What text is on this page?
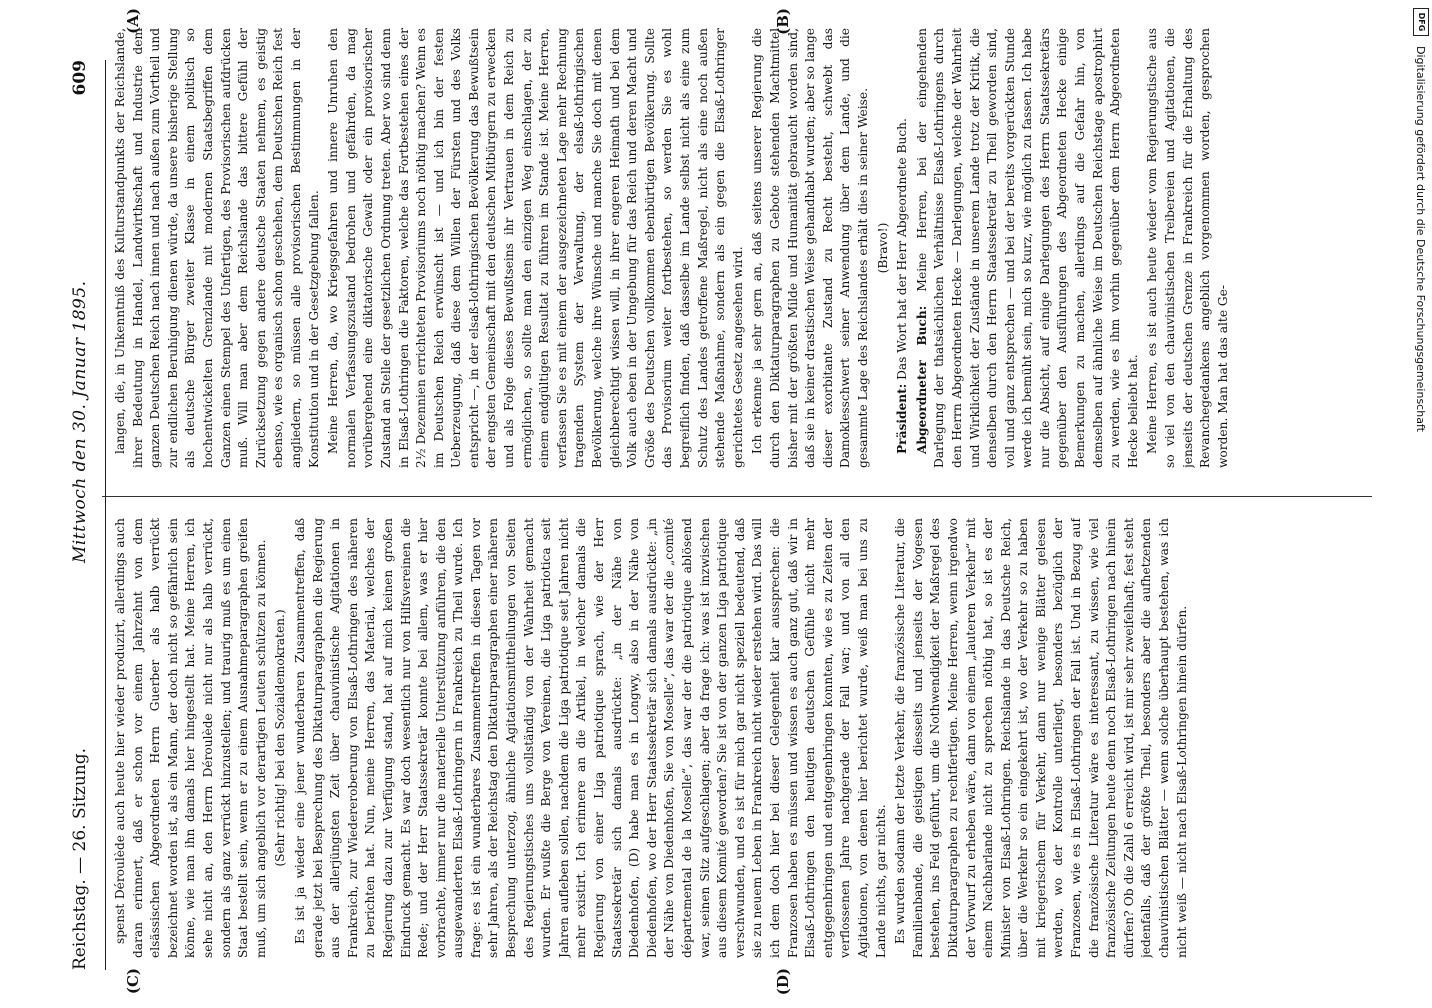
langen, die, in Unkenntniß des Kulturstandpunkts der Reichslande, ihrer Bedeutung in Handel, Landwirthschaft und Industrie dem ganzen Deutschen Reich nach innen und nach außen zum Vortheil und zur endlichen Beruhigung dienen würde, da unsere bisherige Stellung als deutsche Bürger zweiter Klasse in einem politisch so hochentwickelten Grenzlande mit modernen Staatsbegriffen dem Ganzen einen Stempel des Unfertigen, des Provisorischen aufdrücken muß. Will man aber dem Reichslande das bittere Gefühl der Zurücksetzung gegen andere deutsche Staaten nehmen, es geistig ebenso, wie es organisch schon geschehen, dem Deutschen Reich fest angliedern, so müssen alle provisorischen Bestimmungen in der Konstitution und in der Gesetzgebung fallen. Meine Herren, da, wo Kriegsgefahren und innere Unruhen den normalen Verfassungszustand bedrohen und gefährden, da mag vorübergehend eine diktatorische Gewalt oder ein provisorischer Zustand an Stelle der gesetzlichen Ordnung treten. Aber wo sind denn in Elsaß-Lothringen die Faktoren, welche das Fortbestehen eines der 2½ Dezennien errichteten Provisoriums noch nöthig machen? Wenn es im Deutschen Reich erwünscht ist — und ich bin der festen Ueberzeugung, daß diese dem Willen der Fürsten und des Volks entspricht —, in der elsaß-lothringischen Bevölkerung das Bewußtsein der engsten Gemeinschaft mit den deutschen Mitbürgern zu erwecken und als Folge dieses Bewußtseins ihr Vertrauen in dem Reich zu ermöglichen, so sollte man den einzigen Weg einschlagen, der zu einem endgültigen Resultat zu führen im Stande ist. Meine Herren, verfassen Sie es mit einem der ausgezeichneten Lage mehr Rechnung tragenden System der Verwaltung, der elsaß-lothringischen Bevölkerung, welche ihre Wünsche und manche Sie doch mit denen gleichberechtigt wissen will, in ihrer engeren Heimath und bei dem Volk auch eben in der Umgebung für das Reich und deren Macht und Größe des Deutschen vollkommen ebenbürtigen Bevölkerung. Sollte das Provisorium weiter fortbestehen, so werden Sie es wohl begreiflich finden, daß dasselbe im Lande selbst nicht als eine zum Schutz des Landes getroffene Maßregel, nicht als eine noch außen stehende Maßnahme, sondern als ein gegen die Elsaß-Lothringer gerichtetes Gesetz angesehen wird. Ich erkenne ja sehr gern an, daß seitens unserer Regierung die durch den Diktaturparagraphen zu Gebote stehenden Machtmittel bisher mit der größten Milde und Humanität gebraucht worden sind, daß sie in keiner drastischen Weise gehandhabt wurden; aber so lange dieser exorbitante Zustand zu Recht besteht, schwebt das Damoklesschwert seiner Anwendung über dem Lande, und die gesammte Lage des Reichslandes erhält dies in seiner Weise. (Bravo!)

Präsident: Das Wort hat der Herr Abgeordnete Buch. Abgeordneter Buch: Meine Herren, bei der eingehenden Darlegung der thatsächlichen Verhältnisse Elsaß-Lothringens durch den Herrn Abgeordneten Hecke — Darlegungen, welche der Wahrheit und Wirklichkeit der Zustände in unserem Lande trotz der Kritik, die denselben durch den Herrn Staatssekretär zu Theil geworden sind, voll und ganz entsprechen — und bei der bereits vorgerückten Stunde werde ich bemüht sein, mich so kurz, wie möglich zu fassen. Ich habe nur die Absicht, auf einige Darlegungen des Herrn Staatssekretärs gegenüber den Ausführungen des Abgeordneten Hecke einige Bemerkungen zu machen, allerdings auf die Gefahr hin, von demselben auf ähnliche Weise im Deutschen Reichstage apostrophirt zu werden, wie es ihm vorhin gegenüber dem Herrn Abgeordneten Hecke beliebt hat. Meine Herren, es ist auch heute wieder vom Regierungstische aus so viel von den chauvinistischen Treibereien und Agitationen, die jenseits der deutschen Grenze in Frankreich für die Erhaltung des Revanchegedankens angeblich vorgenommen worden, gesprochen worden. Man hat das alte Ge-

spenst Déroulède auch heute hier wieder produzirt, allerdings auch daran erinnert, daß er schon vor einem Jahrzehnt von dem elsässischen Abgeordneten Herrn Guerber als halb verrückt bezeichnet worden ist, als ein Mann, der doch nicht so gefährlich sein könne, wie man ihn damals hier hingestellt hat. Meine Herren, ich sehe nicht an, den Herrn Déroulède nicht nur als halb verrückt, sondern als ganz verrückt hinzustellen; und traurig muß es um einen Staat bestellt sein, wenn er zu einem Ausnahmeparagraphen greifen muß, um sich angeblich vor derartigen Leuten schützen zu können. (Sehr richtig! bei den Sozialdemokraten.) Es ist ja wieder eine jener wunderbaren Zusammentreffen, daß gerade jetzt bei Besprechung des Diktaturparagraphen die Regierung aus der allerjüngsten Zeit über chauvinistische Agitationen in Frankreich, zur Wiedereroberung von Elsaß-Lothringen des näheren zu berichten hat. Nun, meine Herren, das Material, welches der Regierung dazu zur Verfügung stand, hat auf mich keinen großen Eindruck gemacht. Es war doch wesentlich nur von Hilfsvereinen die Rede; und der Herr Staatssekretär konnte bei allem, was er hier vorbrachte, immer nur die materielle Unterstützung anführen, die den ausgewanderten Elsaß-Lothringern in Frankreich zu Theil wurde. Ich frage: es ist ein wunderbares Zusammentreffen in diesen Tagen vor sehr Jahren, als der Reichstag den Diktaturparagraphen einer näheren Besprechung unterzog, ähnliche Agitationsmittheilungen von Seiten des Regierungstisches uns vollständig von der Wahrheit gemacht wurden. Er wußte die Berge von Vereinen, die Liga patriotica seit Jahren aufleben sollen, nachdem die Liga patriotique seit Jahren nicht mehr existirt. Ich erinnere an die Artikel, in welcher damals die Regierung von einer Liga patriotique sprach, wie der Herr Staatssekretär sich damals ausdrückte: „in der Nähe von Diedenhofen, (D) habe man es in Longwy, also in der Nähe von Diedenhofen, wo der Herr Staatssekretär sich damals ausdrückte: „in der Nähe von Diedenhofen, Sie von Moselle“, das war der die „comité départemental de la Moselle“, das war der die patriotique ablösend war, seinen Sitz aufgeschlagen; aber da frage ich: was ist inzwischen aus diesem Komité geworden? Sie ist von der ganzen Liga patriotique verschwunden, und es ist für mich gar nicht speziell bedeutend, daß sie zu neuem Leben in Frankreich nicht wieder erstehen wird. Das will ich dem doch hier bei dieser Gelegenheit klar aussprechen: die Franzosen haben es müssen und wissen es auch ganz gut, daß wir in Elsaß-Lothringen den heutigen deutschen Gefühle nicht mehr entgegenbringen und entgegenbringen konnten, wie es zu Zeiten der verflossenen Jahre nachgerade der Fall war; und von all den Agitationen, von denen hier berichtet wurde, weiß man bei uns zu Lande nichts, gar nichts. Es wurden sodann der letzte Verkehr, die französische Literatur, die Familienbande, die geistigen diesseits und jenseits der Vogesen bestehen, ins Feld geführt, um die Nothwendigkeit der Maßregel des Diktaturparagraphen zu rechtfertigen. Meine Herren, wenn irgendwo der Vorwurf zu erheben wäre, dann von einem „lauteren Verkehr“ mit einem Nachbarlande nicht zu sprechen nöthig hat, so ist es der Minister von Elsaß-Lothringen. Reichslande in das Deutsche Reich, über die Werkehr so ein eingekehrt ist, wo der Verkehr so zu haben mit kriegerischem für Verkehr, dann nur wenige Blätter gelesen werden, wo der Kontrolle unterliegt, besonders bezüglich der Franzosen, wie es in Elsaß-Lothringen der Fall ist. Und in Bezug auf die französische Literatur wäre es interessant, zu wissen, wie viel französische Zeitungen heute denn noch Elsaß-Lothringen nach hinein dürfen? Ob die Zahl 6 erreicht wird, ist mir sehr zweifelhaft; fest steht jedenfalls, daß der größte Theil, besonders aber die aufhetzenden chauvinistischen Blätter — wenn solche überhaupt bestehen, was ich nicht weiß — nicht nach Elsaß-Lothringen hinein dürfen.

Reichstag. — 26. Sitzung.
Mittwoch den 30. Januar 1895.
609
(A)	(B)
(C)	(D)
DFG
Digitalisierung gefördert durch die Deutsche Forschungsgemeinschaft
